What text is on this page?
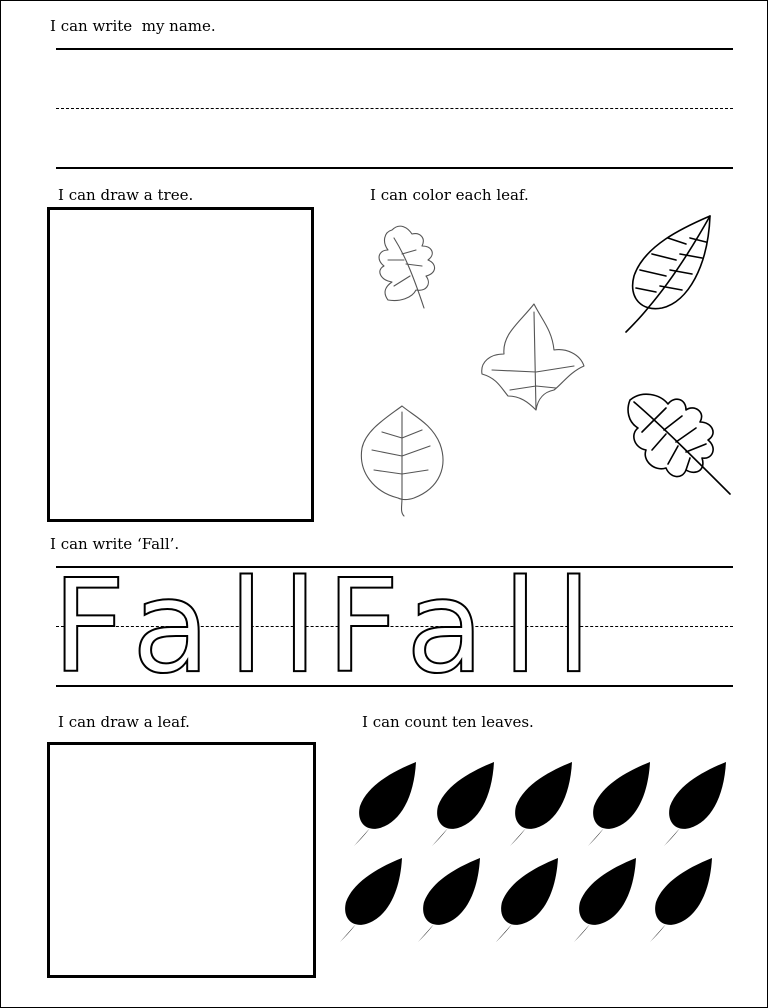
I can write  my name.
I can draw a tree.	I can color each leaf.
I can write ‘Fall’.
Fall
Fall
I can draw a leaf.	I can count ten leaves.
